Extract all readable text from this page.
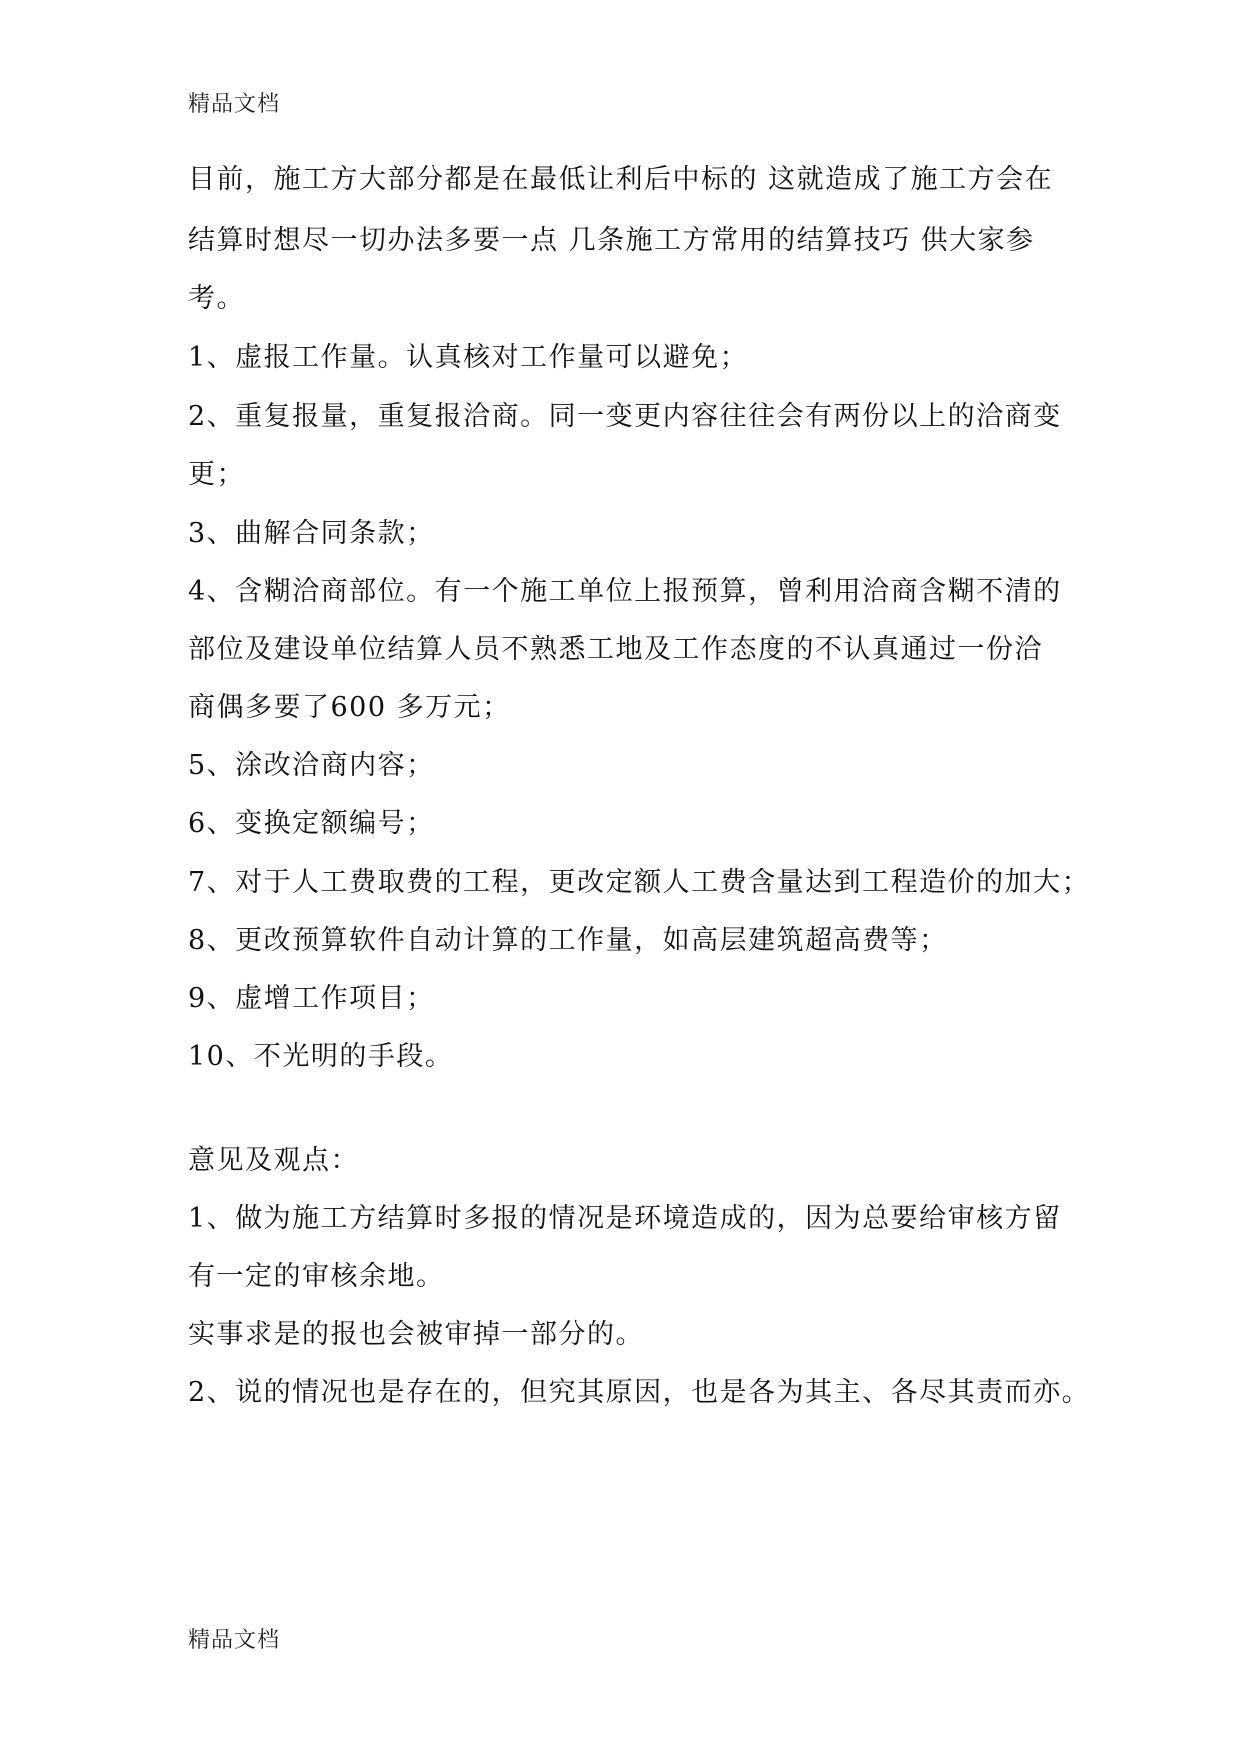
精品文档
目前，施工方大部分都是在最低让利后中标的 这就造成了施工方会在
结算时想尽一切办法多要一点 几条施工方常用的结算技巧 供大家参
考。
1、虚报工作量。认真核对工作量可以避免；
2、重复报量，重复报洽商。同一变更内容往往会有两份以上的洽商变
更；
3、曲解合同条款；
4、含糊洽商部位。有一个施工单位上报预算，曾利用洽商含糊不清的
部位及建设单位结算人员不熟悉工地及工作态度的不认真通过一份洽
商偶多要了600 多万元；
5、涂改洽商内容；
6、变换定额编号；
7、对于人工费取费的工程，更改定额人工费含量达到工程造价的加大；
8、更改预算软件自动计算的工作量，如高层建筑超高费等；
9、虚增工作项目；
10、不光明的手段。
意见及观点：
1、做为施工方结算时多报的情况是环境造成的，因为总要给审核方留
有一定的审核余地。
实事求是的报也会被审掉一部分的。
2、说的情况也是存在的，但究其原因，也是各为其主、各尽其责而亦。
精品文档
